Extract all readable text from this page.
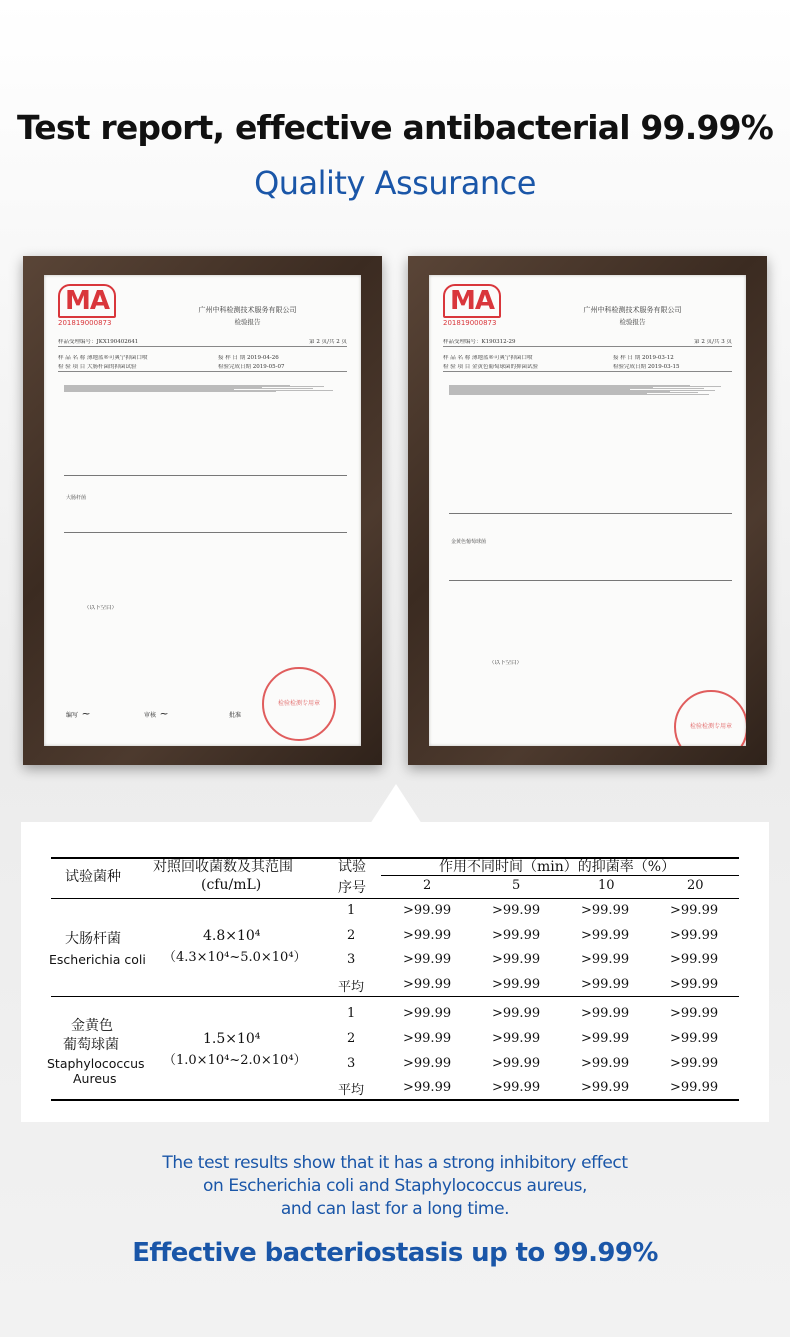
Test report, effective antibacterial 99.99%
Quality Assurance
MA
201819000873
广州中科检测技术服务有限公司
检验报告
样品受理编号：JKX190402641	第 2 页/共 2 页
样 品 名 称 薄地蓝®可爽宁抑菌口喷	接 样 日 期 2019-04-26
检 验 项 目 大肠杆菌的抑菌试验	检验完成日期 2019-05-07
大肠杆菌
（以下空白）
检验检测专用章
编写 ~	审核 ~	批准
MA
201819000873
广州中科检测技术服务有限公司
检验报告
样品受理编号：K190312-29	第 2 页/共 3 页
样 品 名 称 薄地蓝®可爽宁抑菌口喷	接 样 日 期 2019-03-12
检 验 项 目 金黄色葡萄球菌的抑菌试验	检验完成日期 2019-03-15
金黄色葡萄球菌
（以下空白）
检验检测专用章
试验菌种
对照回收菌数及其范围
(cfu/mL)
试验
序号
作用不同时间（min）的抑菌率（%）
2	5	10	20
大肠杆菌
Escherichia coli
4.8×10⁴
（4.3×10⁴~5.0×10⁴）
1	>99.99	>99.99	>99.99	>99.99
2	>99.99	>99.99	>99.99	>99.99
3	>99.99	>99.99	>99.99	>99.99
平均	>99.99	>99.99	>99.99	>99.99
金黄色
葡萄球菌
Staphylococcus
Aureus
1.5×10⁴
（1.0×10⁴~2.0×10⁴）
1	>99.99	>99.99	>99.99	>99.99
2	>99.99	>99.99	>99.99	>99.99
3	>99.99	>99.99	>99.99	>99.99
平均	>99.99	>99.99	>99.99	>99.99
The test results show that it has a strong inhibitory effect
on Escherichia coli and Staphylococcus aureus,
and can last for a long time.
Effective bacteriostasis up to 99.99%
